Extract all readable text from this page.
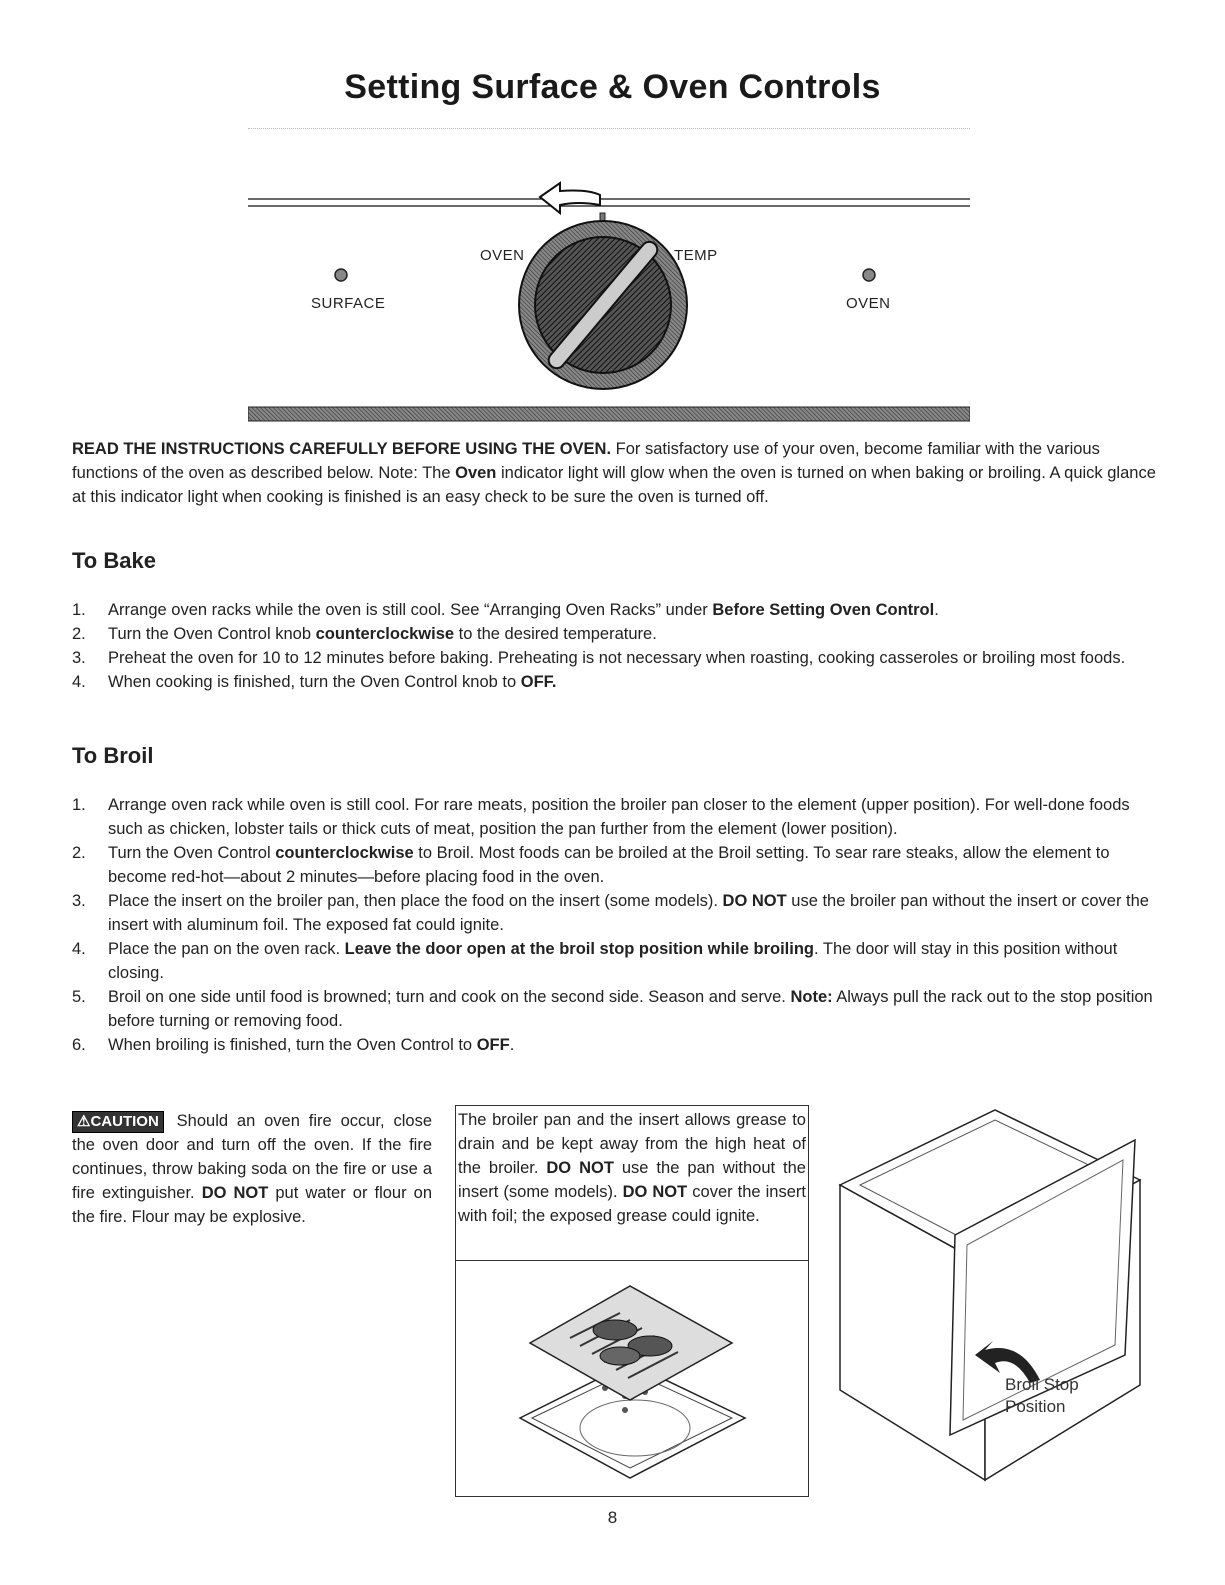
Setting Surface & Oven Controls
SURFACE
OVEN	TEMP
OVEN
READ THE INSTRUCTIONS CAREFULLY BEFORE USING THE OVEN. For satisfactory use of your oven, become familiar with the various functions of the oven as described below. Note: The Oven indicator light will glow when the oven is turned on when baking or broiling. A quick glance at this indicator light when cooking is finished is an easy check to be sure the oven is turned off.
To Bake
1. Arrange oven racks while the oven is still cool. See “Arranging Oven Racks” under Before Setting Oven Control.
2. Turn the Oven Control knob counterclockwise to the desired temperature.
3. Preheat the oven for 10 to 12 minutes before baking. Preheating is not necessary when roasting, cooking casseroles or broiling most foods.
4. When cooking is finished, turn the Oven Control knob to OFF.
To Broil
1. Arrange oven rack while oven is still cool. For rare meats, position the broiler pan closer to the element (upper position). For well-done foods such as chicken, lobster tails or thick cuts of meat, position the pan further from the element (lower position).
2. Turn the Oven Control counterclockwise to Broil. Most foods can be broiled at the Broil setting. To sear rare steaks, allow the element to become red-hot—about 2 minutes—before placing food in the oven.
3. Place the insert on the broiler pan, then place the food on the insert (some models). DO NOT use the broiler pan without the insert or cover the insert with aluminum foil. The exposed fat could ignite.
4. Place the pan on the oven rack. Leave the door open at the broil stop position while broiling. The door will stay in this position without closing.
5. Broil on one side until food is browned; turn and cook on the second side. Season and serve. Note: Always pull the rack out to the stop position before turning or removing food.
6. When broiling is finished, turn the Oven Control to OFF.
⚠CAUTION Should an oven fire occur, close the oven door and turn off the oven. If the fire continues, throw baking soda on the fire or use a fire extinguisher. DO NOT put water or flour on the fire. Flour may be explosive.
The broiler pan and the insert allows grease to drain and be kept away from the high heat of the broiler. DO NOT use the pan without the insert (some models). DO NOT cover the insert with foil; the exposed grease could ignite.
Broil Stop
Position
8
